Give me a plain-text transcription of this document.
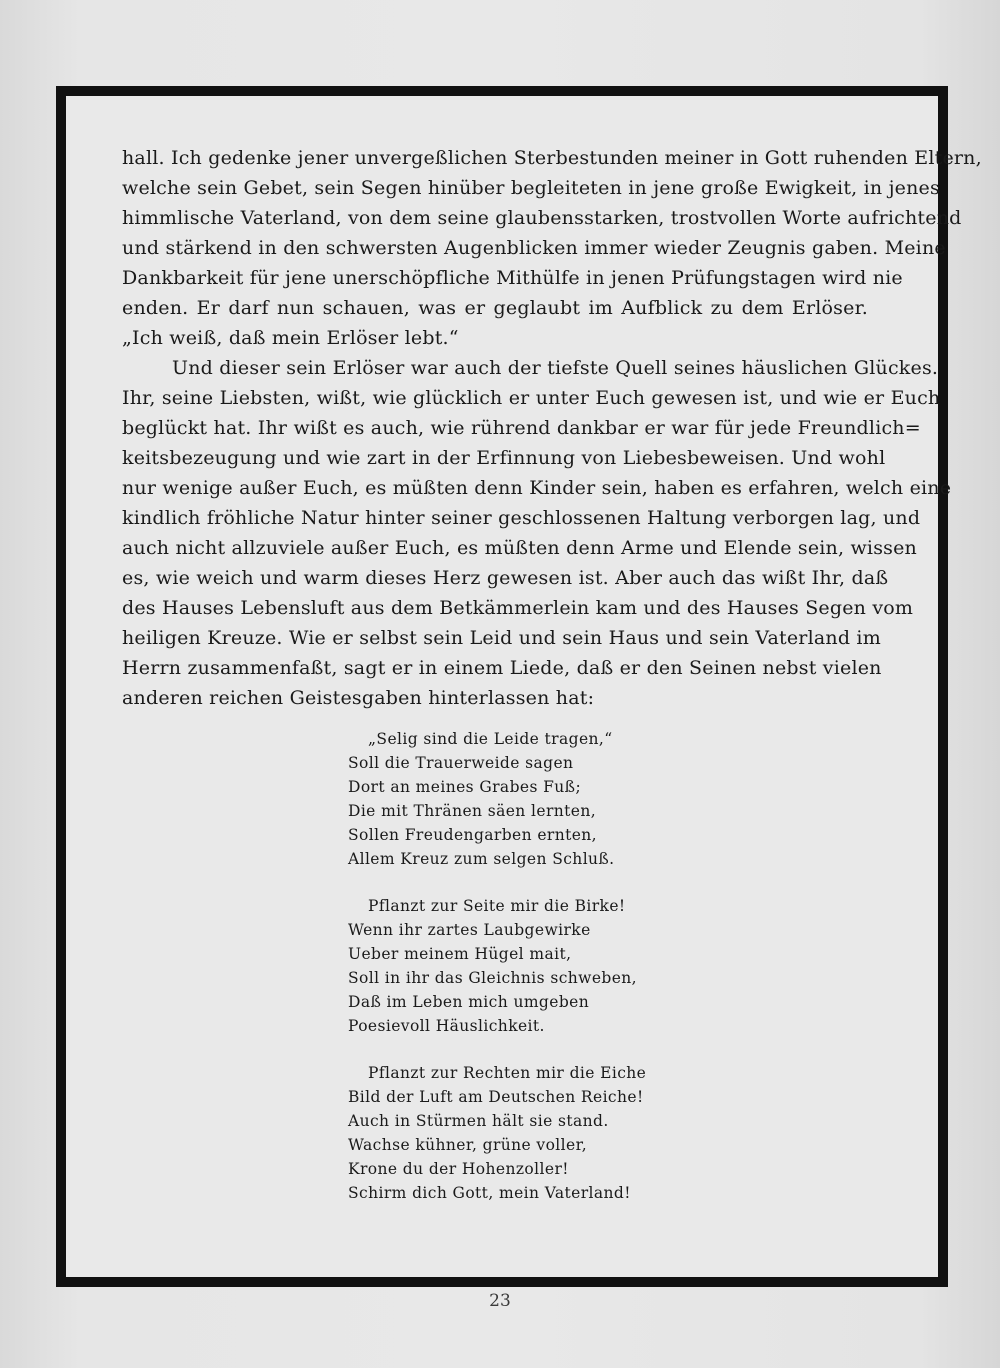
hall. Ich gedenke jener unvergeßlichen Sterbestunden meiner in Gott ruhenden Eltern,
welche sein Gebet, sein Segen hinüber begleiteten in jene große Ewigkeit, in jenes
himmlische Vaterland, von dem seine glaubensstarken, trostvollen Worte aufrichtend
und stärkend in den schwersten Augenblicken immer wieder Zeugnis gaben. Meine
Dankbarkeit für jene unerschöpfliche Mithülfe in jenen Prüfungstagen wird nie
enden. Er darf nun schauen, was er geglaubt im Aufblick zu dem Erlöser.
„Ich weiß, daß mein Erlöser lebt.“
Und dieser sein Erlöser war auch der tiefste Quell seines häuslichen Glückes.
Ihr, seine Liebsten, wißt, wie glücklich er unter Euch gewesen ist, und wie er Euch
beglückt hat. Ihr wißt es auch, wie rührend dankbar er war für jede Freundlich=
keitsbezeugung und wie zart in der Erfinnung von Liebesbeweisen. Und wohl
nur wenige außer Euch, es müßten denn Kinder sein, haben es erfahren, welch eine
kindlich fröhliche Natur hinter seiner geschlossenen Haltung verborgen lag, und
auch nicht allzuviele außer Euch, es müßten denn Arme und Elende sein, wissen
es, wie weich und warm dieses Herz gewesen ist. Aber auch das wißt Ihr, daß
des Hauses Lebensluft aus dem Betkämmerlein kam und des Hauses Segen vom
heiligen Kreuze. Wie er selbst sein Leid und sein Haus und sein Vaterland im
Herrn zusammenfaßt, sagt er in einem Liede, daß er den Seinen nebst vielen
anderen reichen Geistesgaben hinterlassen hat:
„Selig sind die Leide tragen,“
Soll die Trauerweide sagen
Dort an meines Grabes Fuß;
Die mit Thränen säen lernten,
Sollen Freudengarben ernten,
Allem Kreuz zum selgen Schluß.
Pflanzt zur Seite mir die Birke!
Wenn ihr zartes Laubgewirke
Ueber meinem Hügel mait,
Soll in ihr das Gleichnis schweben,
Daß im Leben mich umgeben
Poesievoll Häuslichkeit.
Pflanzt zur Rechten mir die Eiche
Bild der Luft am Deutschen Reiche!
Auch in Stürmen hält sie stand.
Wachse kühner, grüne voller,
Krone du der Hohenzoller!
Schirm dich Gott, mein Vaterland!
23
